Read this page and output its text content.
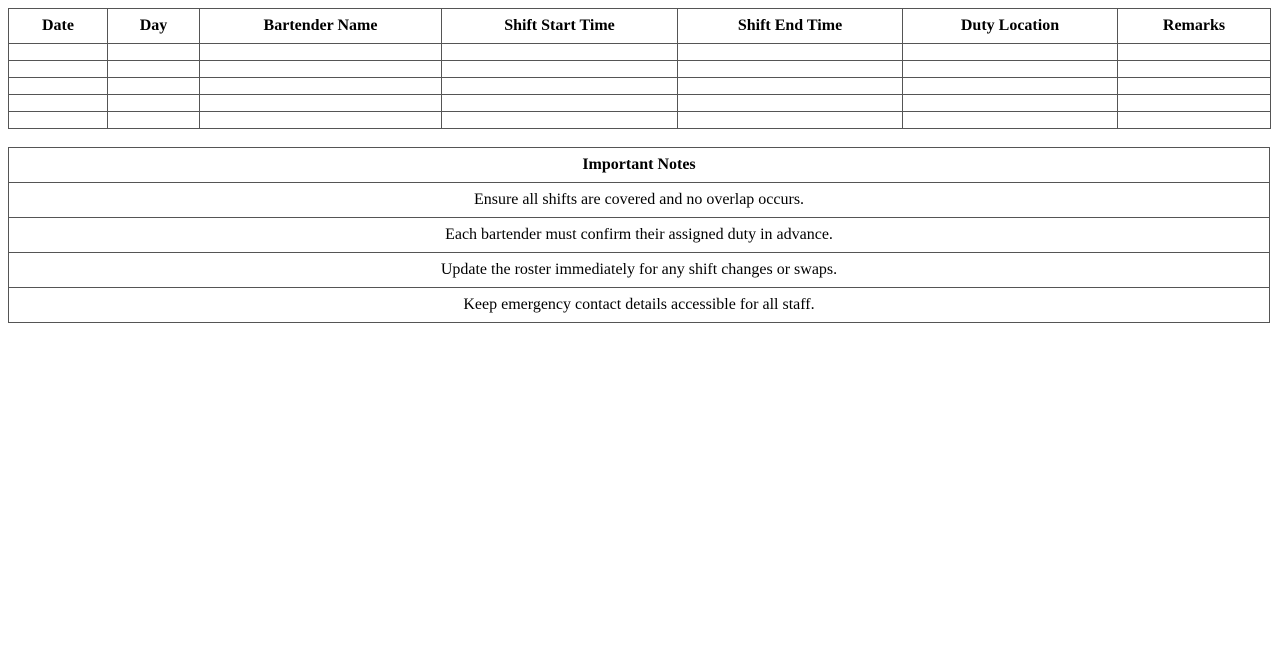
Date	Day	Bartender Name	Shift Start Time	Shift End Time	Duty Location	Remarks

Important Notes
Ensure all shifts are covered and no overlap occurs.
Each bartender must confirm their assigned duty in advance.
Update the roster immediately for any shift changes or swaps.
Keep emergency contact details accessible for all staff.
